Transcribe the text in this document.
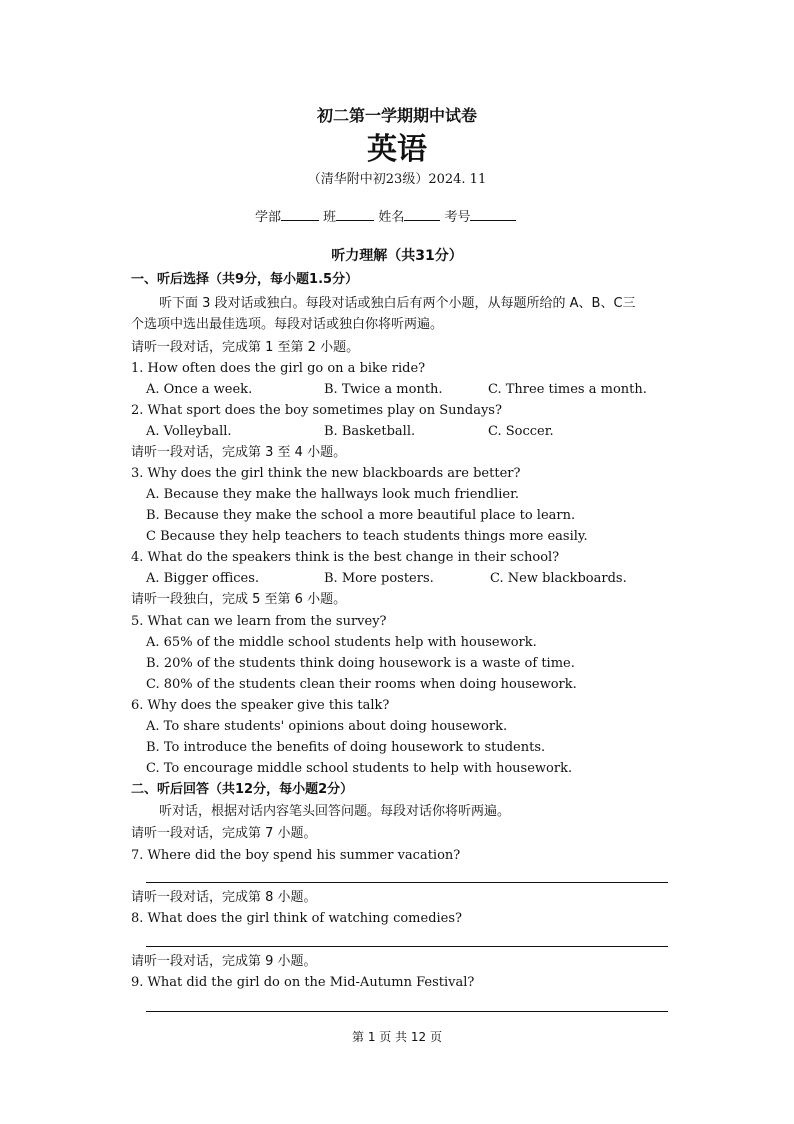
初二第一学期期中试卷
英语
（清华附中初23级）2024. 11
学部	班	姓名	考号
听力理解（共31分）
一、听后选择（共9分，每小题1.5分）
听下面 3 段对话或独白。每段对话或独白后有两个小题，从每题所给的 A、B、C三
个选项中选出最佳选项。每段对话或独白你将听两遍。
请听一段对话，完成第 1 至第 2 小题。
1. How often does the girl go on a bike ride?
A. Once a week.	B. Twice a month.	C. Three times a month.
2. What sport does the boy sometimes play on Sundays?
A. Volleyball.	B. Basketball.	C. Soccer.
请听一段对话，完成第 3 至 4 小题。
3. Why does the girl think the new blackboards are better?
A. Because they make the hallways look much friendlier.
B. Because they make the school a more beautiful place to learn.
C Because they help teachers to teach students things more easily.
4. What do the speakers think is the best change in their school?
A. Bigger offices.	B. More posters.	C. New blackboards.
请听一段独白，完成 5 至第 6 小题。
5. What can we learn from the survey?
A. 65% of the middle school students help with housework.
B. 20% of the students think doing housework is a waste of time.
C. 80% of the students clean their rooms when doing housework.
6. Why does the speaker give this talk?
A. To share students' opinions about doing housework.
B. To introduce the benefits of doing housework to students.
C. To encourage middle school students to help with housework.
二、听后回答（共12分，每小题2分）
听对话，根据对话内容笔头回答问题。每段对话你将听两遍。
请听一段对话，完成第 7 小题。
7. Where did the boy spend his summer vacation?
请听一段对话，完成第 8 小题。
8. What does the girl think of watching comedies?
请听一段对话，完成第 9 小题。
9. What did the girl do on the Mid-Autumn Festival?
第 1 页 共 12 页
